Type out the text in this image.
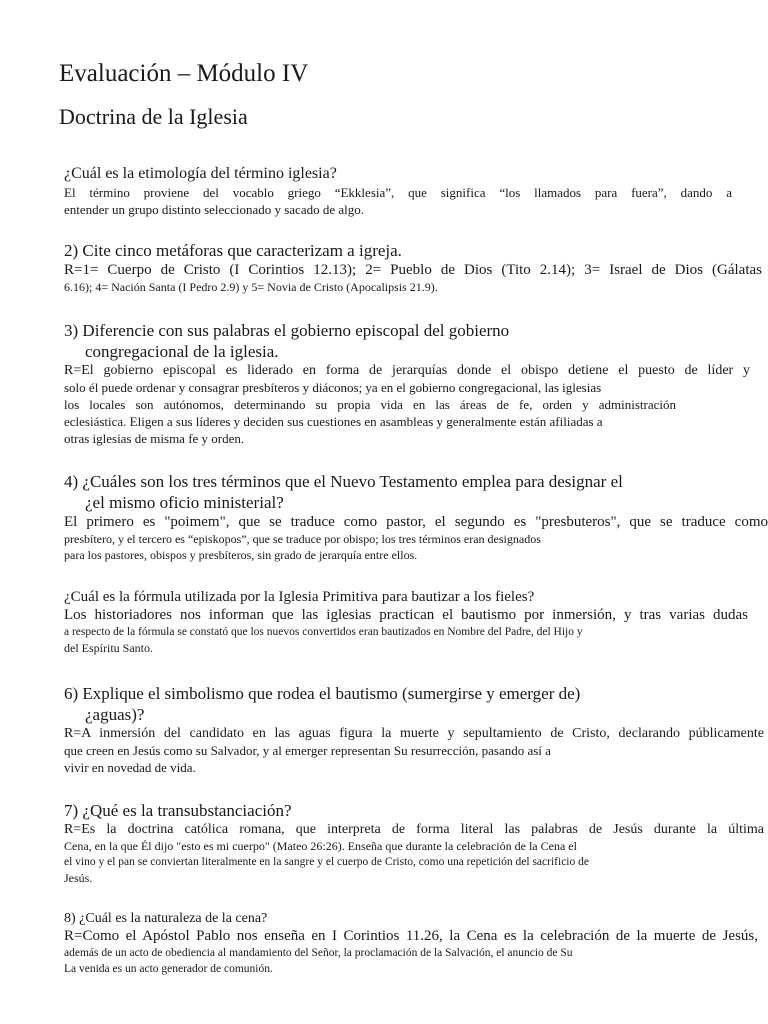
Evaluación – Módulo IV
Doctrina de la Iglesia
¿Cuál es la etimología del término iglesia?
El término proviene del vocablo griego “Ekklesia”, que significa “los llamados para fuera”, dando a
entender un grupo distinto seleccionado y sacado de algo.
2) Cite cinco metáforas que caracterizam a igreja.
R=1= Cuerpo de Cristo (I Corintios 12.13); 2= Pueblo de Dios (Tito 2.14); 3= Israel de Dios (Gálatas
6.16); 4= Nación Santa (I Pedro 2.9) y 5= Novia de Cristo (Apocalipsis 21.9).
3) Diferencie con sus palabras el gobierno episcopal del gobierno
congregacional de la iglesia.
R=El gobierno episcopal es liderado en forma de jerarquías donde el obispo detiene el puesto de líder y
solo él puede ordenar y consagrar presbíteros y diáconos; ya en el gobierno congregacional, las iglesias
los locales son autónomos, determinando su propia vida en las áreas de fe, orden y administración
eclesiástica. Eligen a sus líderes y deciden sus cuestiones en asambleas y generalmente están afiliadas a
otras iglesias de misma fe y orden.
4) ¿Cuáles son los tres términos que el Nuevo Testamento emplea para designar el
¿el mismo oficio ministerial?
El primero es "poimem", que se traduce como pastor, el segundo es "presbuteros", que se traduce como
presbítero, y el tercero es “episkopos”, que se traduce por obispo; los tres términos eran designados
para los pastores, obispos y presbíteros, sin grado de jerarquía entre ellos.
¿Cuál es la fórmula utilizada por la Iglesia Primitiva para bautizar a los fieles?
Los historiadores nos informan que las iglesias practican el bautismo por inmersión, y tras varias dudas
a respecto de la fórmula se constató que los nuevos convertidos eran bautizados en Nombre del Padre, del Hijo y
del Espíritu Santo.
6) Explique el simbolismo que rodea el bautismo (sumergirse y emerger de)
¿aguas)?
R=A inmersión del candidato en las aguas figura la muerte y sepultamiento de Cristo, declarando públicamente
que creen en Jesús como su Salvador, y al emerger representan Su resurrección, pasando así a
vivir en novedad de vida.
7) ¿Qué es la transubstanciación?
R=Es la doctrina católica romana, que interpreta de forma literal las palabras de Jesús durante la última
Cena, en la que Él dijo "esto es mi cuerpo" (Mateo 26:26). Enseña que durante la celebración de la Cena el
el vino y el pan se conviertan literalmente en la sangre y el cuerpo de Cristo, como una repetición del sacrificio de
Jesús.
8) ¿Cuál es la naturaleza de la cena?
R=Como el Apóstol Pablo nos enseña en I Corintios 11.26, la Cena es la celebración de la muerte de Jesús,
además de un acto de obediencia al mandamiento del Señor, la proclamación de la Salvación, el anuncio de Su
La venida es un acto generador de comunión.
